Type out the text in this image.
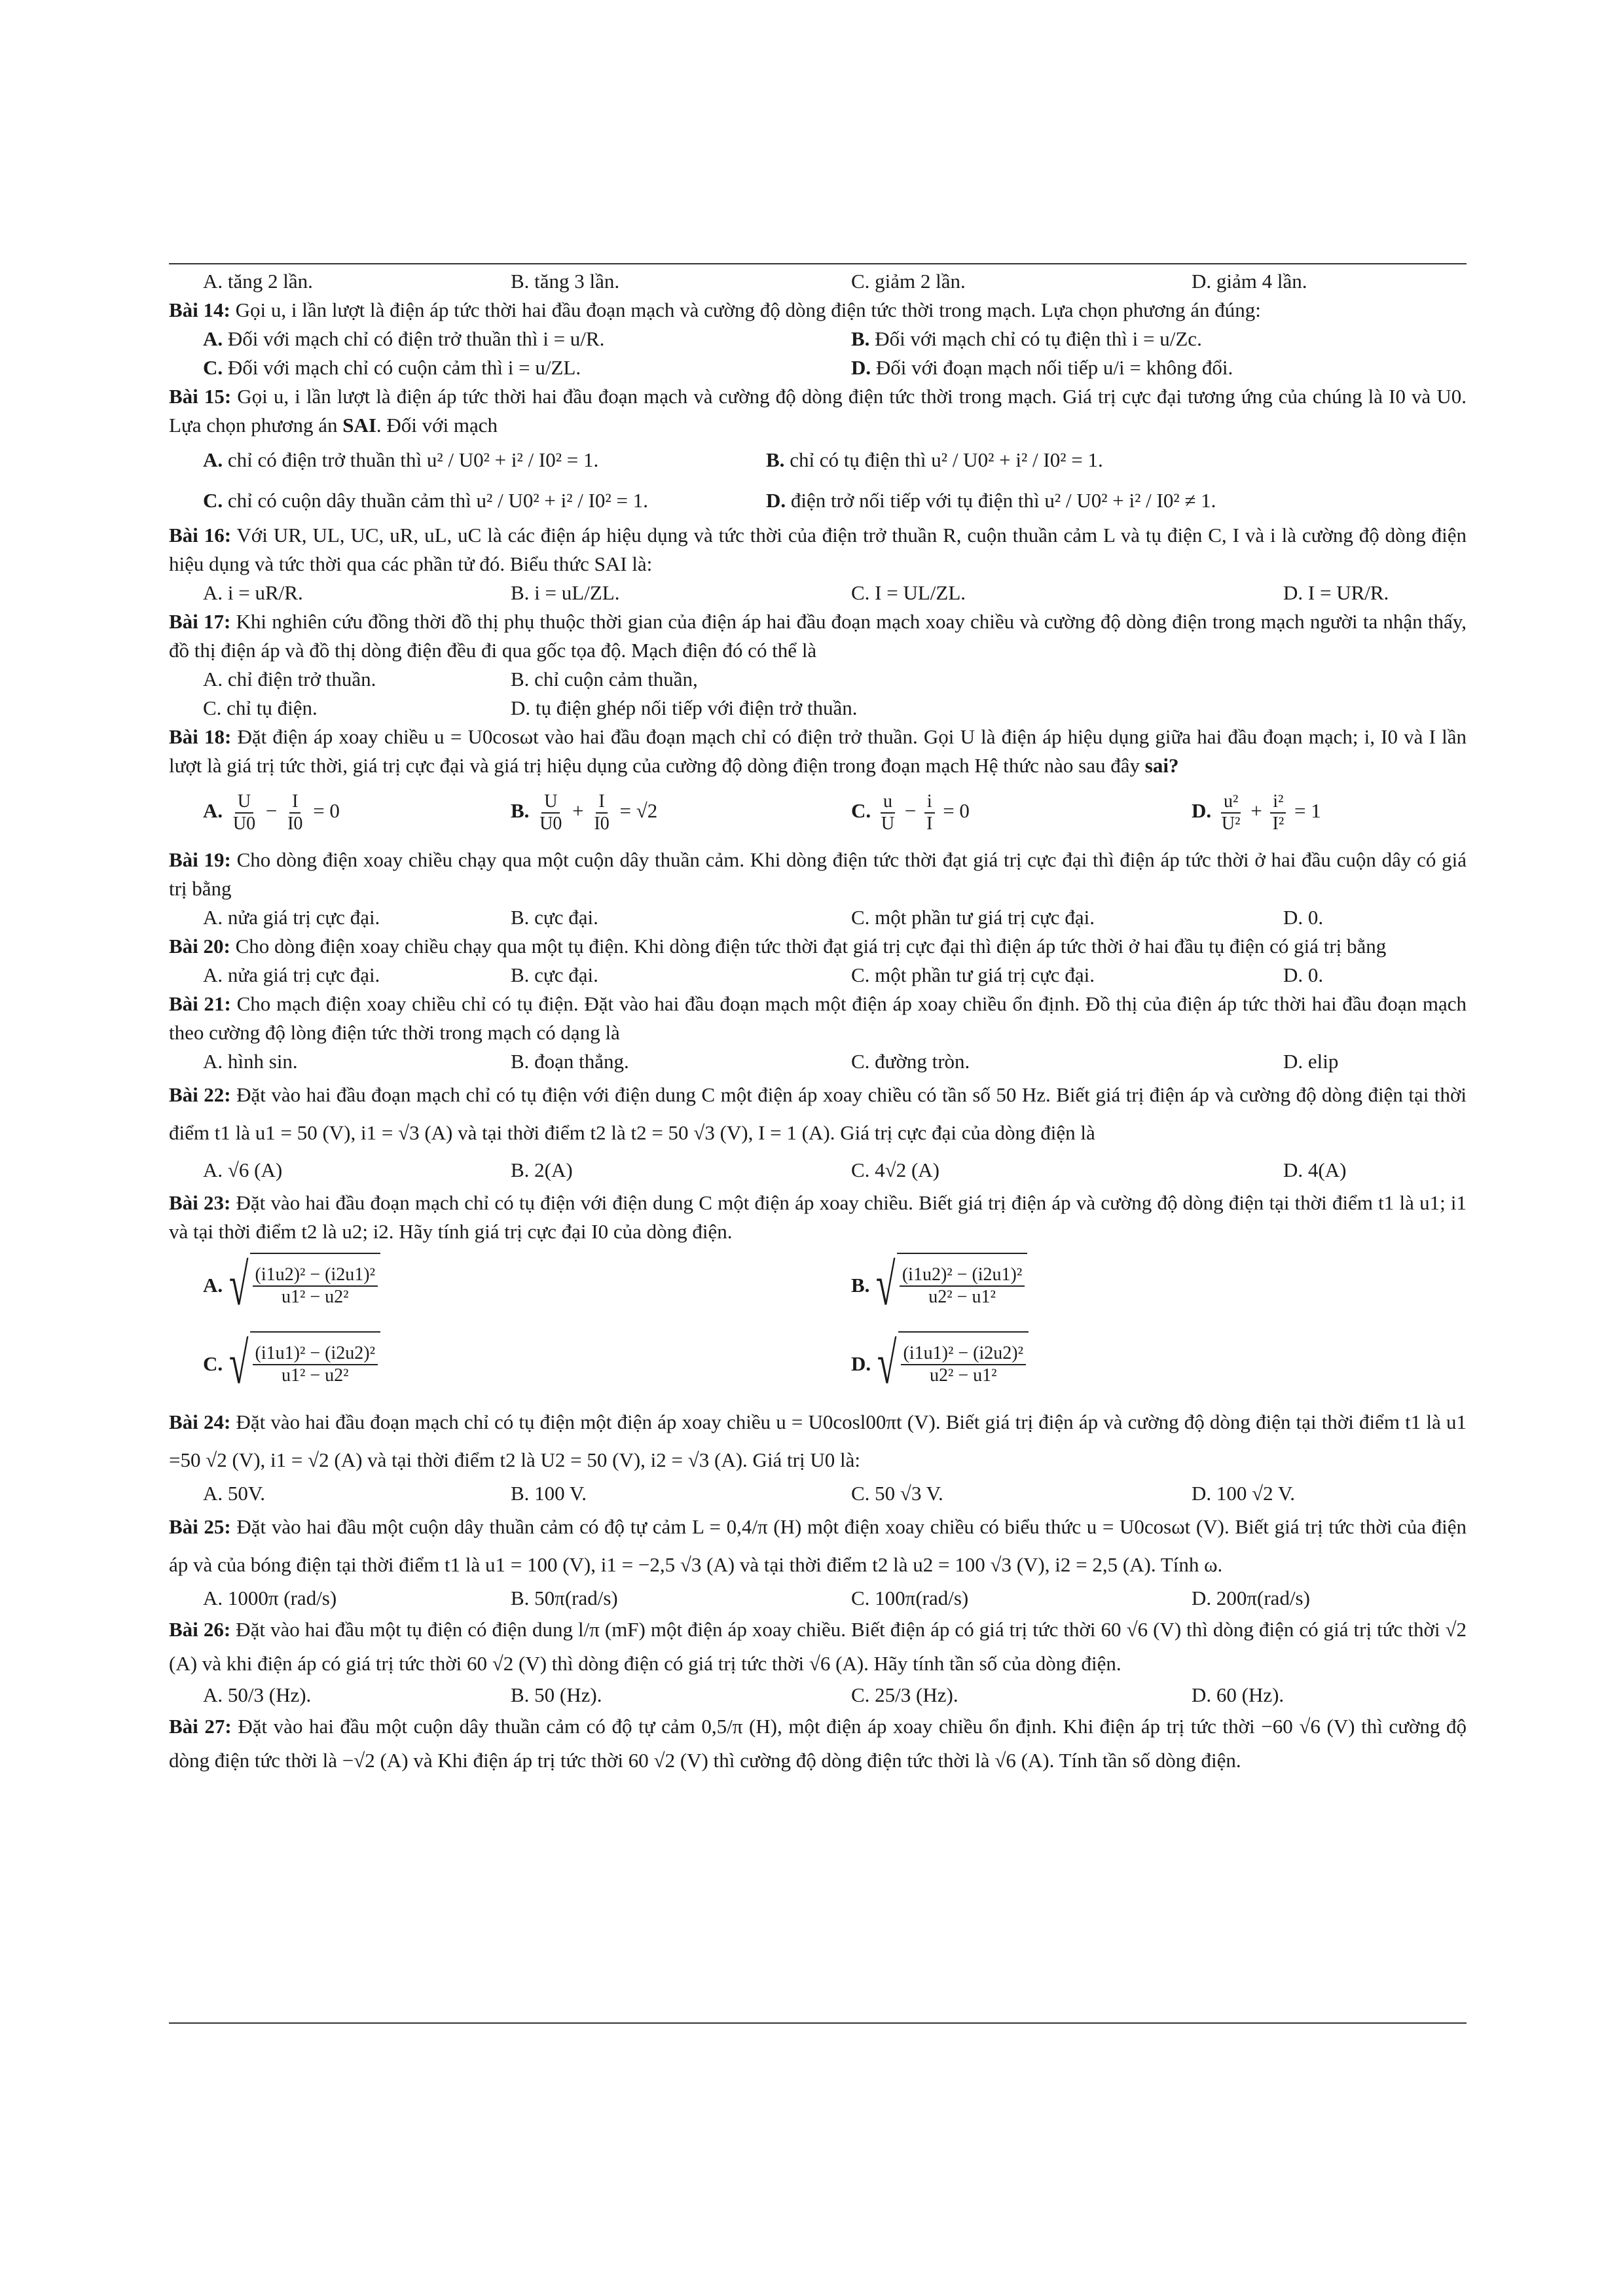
A. tăng 2 lần.	B. tăng 3 lần.	C. giảm 2 lần.	D. giảm 4 lần.

Bài 14: Gọi u, i lần lượt là điện áp tức thời hai đầu đoạn mạch và cường độ dòng điện tức thời trong mạch. Lựa chọn phương án đúng:

A. Đối với mạch chỉ có điện trở thuần thì i = u/R.	B. Đối với mạch chỉ có tụ điện thì i = u/Zc.
C. Đối với mạch chỉ có cuộn cảm thì i = u/ZL.	D. Đối với đoạn mạch nối tiếp u/i = không đổi.

Bài 15: Gọi u, i lần lượt là điện áp tức thời hai đầu đoạn mạch và cường độ dòng điện tức thời trong mạch. Giá trị cực đại tương ứng của chúng là I0 và U0. Lựa chọn phương án SAI. Đối với mạch

A. chỉ có điện trở thuần thì u² / U0² + i² / I0² = 1.	B. chỉ có tụ điện thì u² / U0² + i² / I0² = 1.
C. chỉ có cuộn dây thuần cảm thì u² / U0² + i² / I0² = 1.	D. điện trở nối tiếp với tụ điện thì u² / U0² + i² / I0² ≠ 1.

Bài 16: Với UR, UL, UC, uR, uL, uC là các điện áp hiệu dụng và tức thời của điện trở thuần R, cuộn thuần cảm L và tụ điện C, I và i là cường độ dòng điện hiệu dụng và tức thời qua các phần tử đó. Biểu thức SAI là:

A. i = uR/R.	B. i = uL/ZL.	C. I = UL/ZL.	D. I = UR/R.

Bài 17: Khi nghiên cứu đồng thời đồ thị phụ thuộc thời gian của điện áp hai đầu đoạn mạch xoay chiều và cường độ dòng điện trong mạch người ta nhận thấy, đồ thị điện áp và đồ thị dòng điện đều đi qua gốc tọa độ. Mạch điện đó có thể là

A. chỉ điện trở thuần.	B. chỉ cuộn cảm thuần,
C. chỉ tụ điện.	D. tụ điện ghép nối tiếp với điện trở thuần.

Bài 18: Đặt điện áp xoay chiều u = U0cosωt vào hai đầu đoạn mạch chỉ có điện trở thuần. Gọi U là điện áp hiệu dụng giữa hai đầu đoạn mạch; i, I0 và I lần lượt là giá trị tức thời, giá trị cực đại và giá trị hiệu dụng của cường độ dòng điện trong đoạn mạch Hệ thức nào sau đây sai?

A. $\frac{U}{U0} - \frac{I}{I0} = 0$	B. $\frac{U}{U0} + \frac{I}{I0} = √2$	C. $\frac{u}{U} - \frac{i}{I} = 0$	D. $\frac{\text{u²}}{\text{U²}} + \frac{\text{i²}}{\text{I²}} = 1$

Bài 19: Cho dòng điện xoay chiều chạy qua một cuộn dây thuần cảm. Khi dòng điện tức thời đạt giá trị cực đại thì điện áp tức thời ở hai đầu cuộn dây có giá trị bằng

A. nửa giá trị cực đại.	B. cực đại.	C. một phần tư giá trị cực đại.	D. 0.

Bài 20: Cho dòng điện xoay chiều chạy qua một tụ điện. Khi dòng điện tức thời đạt giá trị cực đại thì điện áp tức thời ở hai đầu tụ điện có giá trị bằng

A. nửa giá trị cực đại.	B. cực đại.	C. một phần tư giá trị cực đại.	D. 0.

Bài 21: Cho mạch điện xoay chiều chỉ có tụ điện. Đặt vào hai đầu đoạn mạch một điện áp xoay chiều ổn định. Đồ thị của điện áp tức thời hai đầu đoạn mạch theo cường độ lòng điện tức thời trong mạch có dạng là

A. hình sin.	B. đoạn thẳng.	C. đường tròn.	D. elip

Bài 22: Đặt vào hai đầu đoạn mạch chỉ có tụ điện với điện dung C một điện áp xoay chiều có tần số 50 Hz. Biết giá trị điện áp và cường độ dòng điện tại thời điểm t1 là u1 = 50 (V), i1 = √3 (A) và tại thời điểm t2 là t2 = 50 √3 (V), I = 1 (A). Giá trị cực đại của dòng điện là

A. √6 (A)	B. 2(A)	C. 4√2 (A)	D. 4(A)

Bài 23: Đặt vào hai đầu đoạn mạch chỉ có tụ điện với điện dung C một điện áp xoay chiều. Biết giá trị điện áp và cường độ dòng điện tại thời điểm t1 là u1; i1 và tại thời điểm t2 là u2; i2. Hãy tính giá trị cực đại I0 của dòng điện.

A. √ $\frac{\text{(i1u2)² − (i2u1)²}}{\text{u1² − u2²}}$	B. √ $\frac{\text{(i1u2)² − (i2u1)²}}{\text{u2² − u1²}}$
C. √ $\frac{\text{(i1u1)² − (i2u2)²}}{\text{u1² − u2²}}$	D. √ $\frac{\text{(i1u1)² − (i2u2)²}}{\text{u2² − u1²}}$

Bài 24: Đặt vào hai đầu đoạn mạch chỉ có tụ điện một điện áp xoay chiều u = U0cosl00πt (V). Biết giá trị điện áp và cường độ dòng điện tại thời điểm t1 là u1 =50 √2 (V), i1 = √2 (A) và tại thời điểm t2 là U2 = 50 (V), i2 = √3 (A). Giá trị U0 là:

A. 50V.	B. 100 V.	C. 50 √3 V.	D. 100 √2 V.

Bài 25: Đặt vào hai đầu một cuộn dây thuần cảm có độ tự cảm L = 0,4/π (H) một điện xoay chiều có biểu thức u = U0cosωt (V). Biết giá trị tức thời của điện áp và của bóng điện tại thời điểm t1 là u1 = 100 (V), i1 = −2,5 √3 (A) và tại thời điểm t2 là u2 = 100 √3 (V), i2 = 2,5 (A). Tính ω.

A. 1000π (rad/s)	B. 50π(rad/s)	C. 100π(rad/s)	D. 200π(rad/s)

Bài 26: Đặt vào hai đầu một tụ điện có điện dung l/π (mF) một điện áp xoay chiều. Biết điện áp có giá trị tức thời 60 √6 (V) thì dòng điện có giá trị tức thời √2 (A) và khi điện áp có giá trị tức thời 60 √2 (V) thì dòng điện có giá trị tức thời √6 (A). Hãy tính tần số của dòng điện.

A. 50/3 (Hz).	B. 50 (Hz).	C. 25/3 (Hz).	D. 60 (Hz).

Bài 27: Đặt vào hai đầu một cuộn dây thuần cảm có độ tự cảm 0,5/π (H), một điện áp xoay chiều ổn định. Khi điện áp trị tức thời −60 √6 (V) thì cường độ dòng điện tức thời là −√2 (A) và Khi điện áp trị tức thời 60 √2 (V) thì cường độ dòng điện tức thời là √6 (A). Tính tần số dòng điện.
